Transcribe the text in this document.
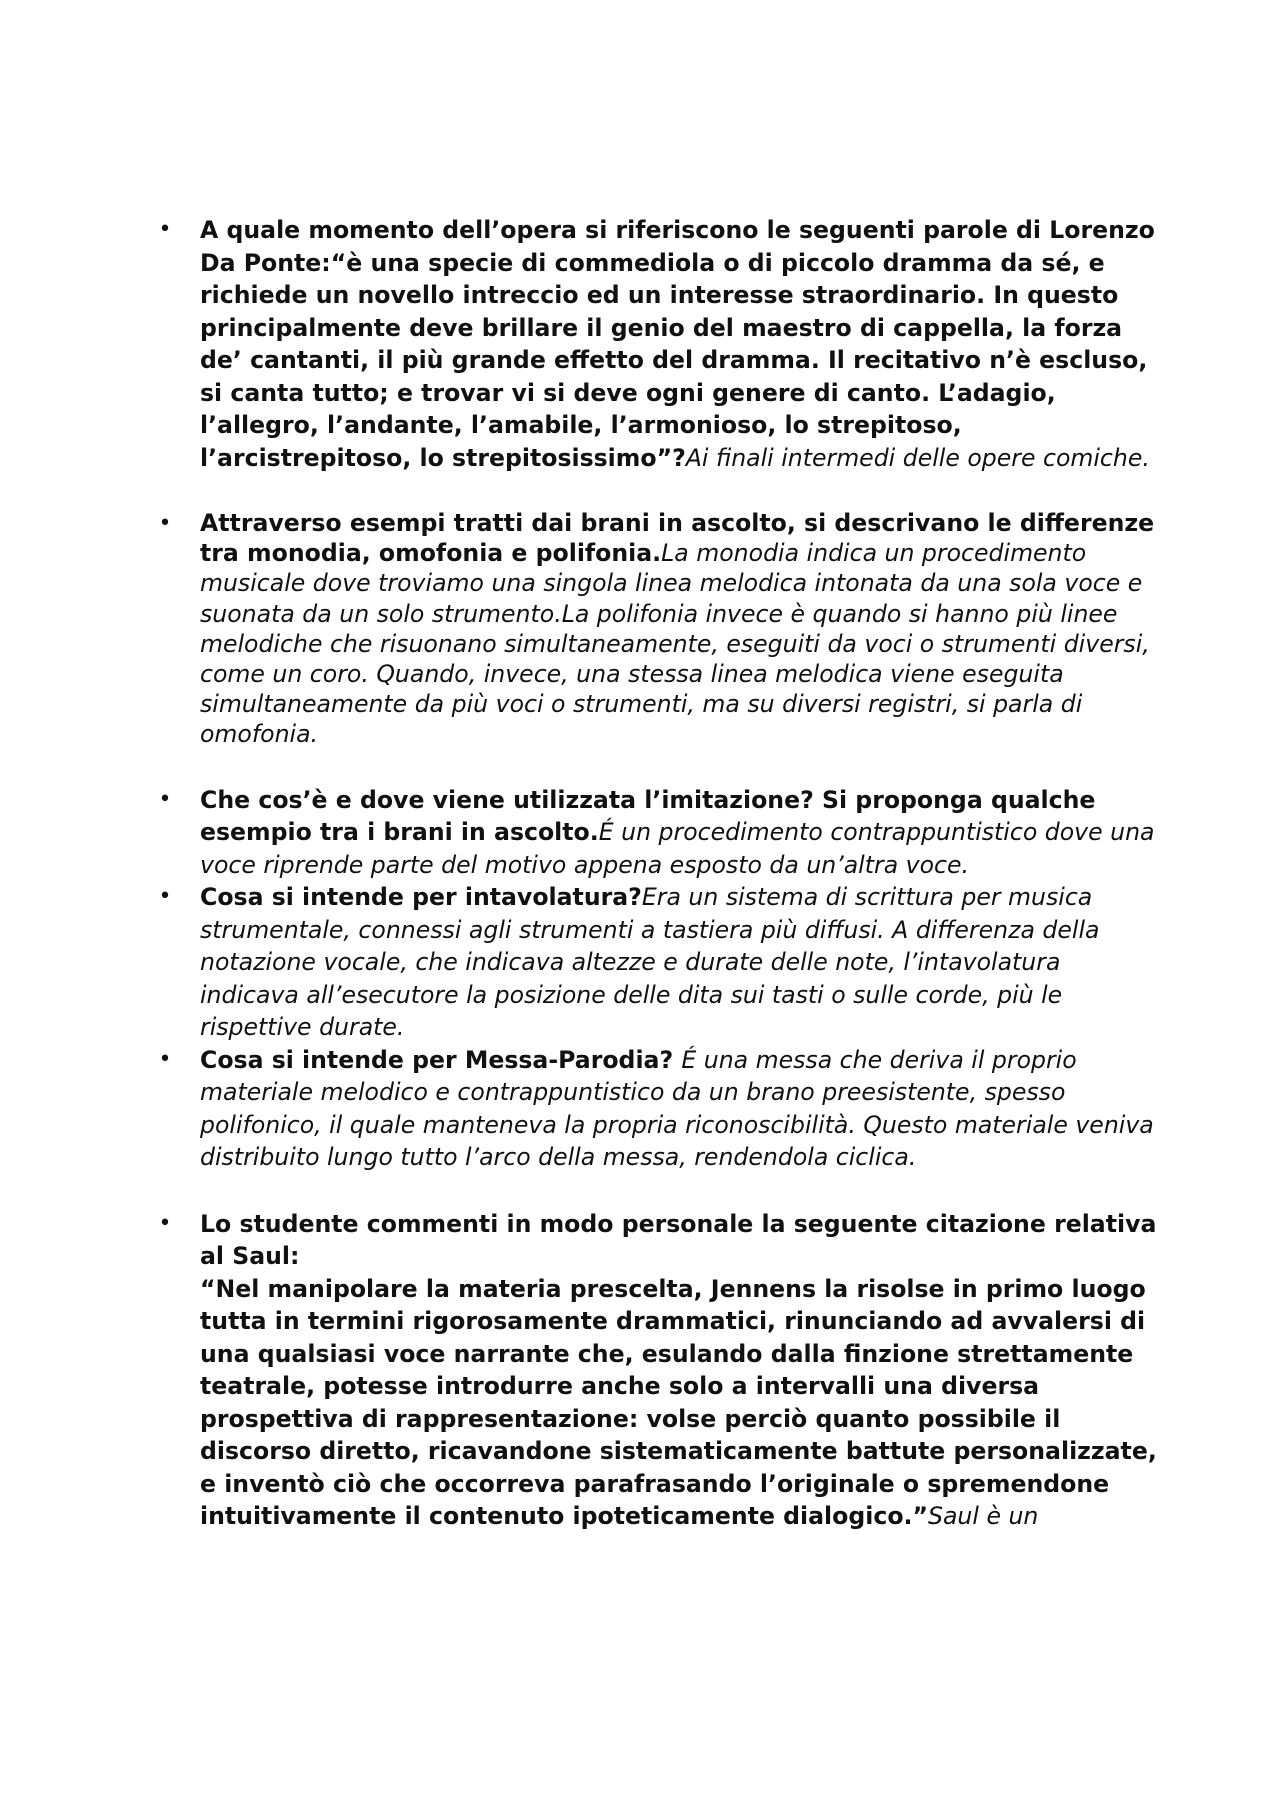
• A quale momento dell’opera si riferiscono le seguenti parole di Lorenzo Da Ponte:“è una specie di commediola o di piccolo dramma da sé, e richiede un novello intreccio ed un interesse straordinario. In questo principalmente deve brillare il genio del maestro di cappella, la forza de’ cantanti, il più grande effetto del dramma. Il recitativo n’è escluso, si canta tutto; e trovar vi si deve ogni genere di canto. L’adagio, l’allegro, l’andante, l’amabile, l’armonioso, lo strepitoso, l’arcistrepitoso, lo strepitosissimo”?Ai finali intermedi delle opere comiche.
• Attraverso esempi tratti dai brani in ascolto, si descrivano le differenze tra monodia, omofonia e polifonia.La monodia indica un procedimento musicale dove troviamo una singola linea melodica intonata da una sola voce e suonata da un solo strumento.La polifonia invece è quando si hanno più linee melodiche che risuonano simultaneamente, eseguiti da voci o strumenti diversi, come un coro. Quando, invece, una stessa linea melodica viene eseguita simultaneamente da più voci o strumenti, ma su diversi registri, si parla di omofonia.
• Che cos’è e dove viene utilizzata l’imitazione? Si proponga qualche esempio tra i brani in ascolto.É un procedimento contrappuntistico dove una voce riprende parte del motivo appena esposto da un’altra voce.
• Cosa si intende per intavolatura?Era un sistema di scrittura per musica strumentale, connessi agli strumenti a tastiera più diffusi. A differenza della notazione vocale, che indicava altezze e durate delle note, l’intavolatura indicava all’esecutore la posizione delle dita sui tasti o sulle corde, più le rispettive durate.
• Cosa si intende per Messa-Parodia? É una messa che deriva il proprio materiale melodico e contrappuntistico da un brano preesistente, spesso polifonico, il quale manteneva la propria riconoscibilità. Questo materiale veniva distribuito lungo tutto l’arco della messa, rendendola ciclica.
• Lo studente commenti in modo personale la seguente citazione relativa al Saul:
“Nel manipolare la materia prescelta, Jennens la risolse in primo luogo tutta in termini rigorosamente drammatici, rinunciando ad avvalersi di una qualsiasi voce narrante che, esulando dalla finzione strettamente teatrale, potesse introdurre anche solo a intervalli una diversa prospettiva di rappresentazione: volse perciò quanto possibile il discorso diretto, ricavandone sistematicamente battute personalizzate, e inventò ciò che occorreva parafrasando l’originale o spremendone intuitivamente il contenuto ipoteticamente dialogico.”Saul è un
